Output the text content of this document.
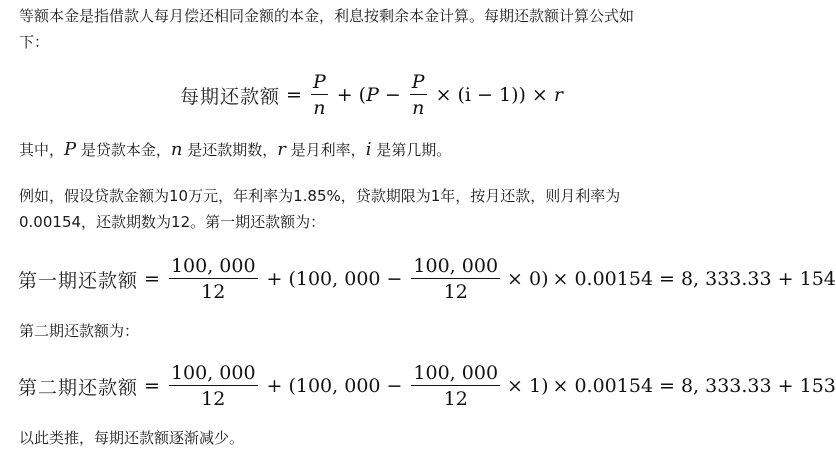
等额本金是指借款人每月偿还相同金额的本金，利息按剩余本金计算。每期还款额计算公式如
下：

每期还款额 = $\frac{P}{n}$ + ( $P - \frac{P}{n} \times (i - 1)) \times r$

其中，P 是贷款本金，n 是还款期数，r 是月利率，i 是第几期。

例如，假设贷款金额为10万元，年利率为1.85%，贷款期限为1年，按月还款，则月利率为
0.00154，还款期数为12。第一期还款额为：

第一期还款额 = $\frac{100, 000}{12} + (100$, $000 - \frac{100, 000}{12} \times 0) \times 0.00154 = 8$, 333.33 + 154

第二期还款额为：

第二期还款额 = $\frac{100, 000}{12} + (100$, $000 - \frac{100, 000}{12} \times 1) \times 0.00154 = 8$, 333.33 + 153

以此类推，每期还款额逐渐减少。
